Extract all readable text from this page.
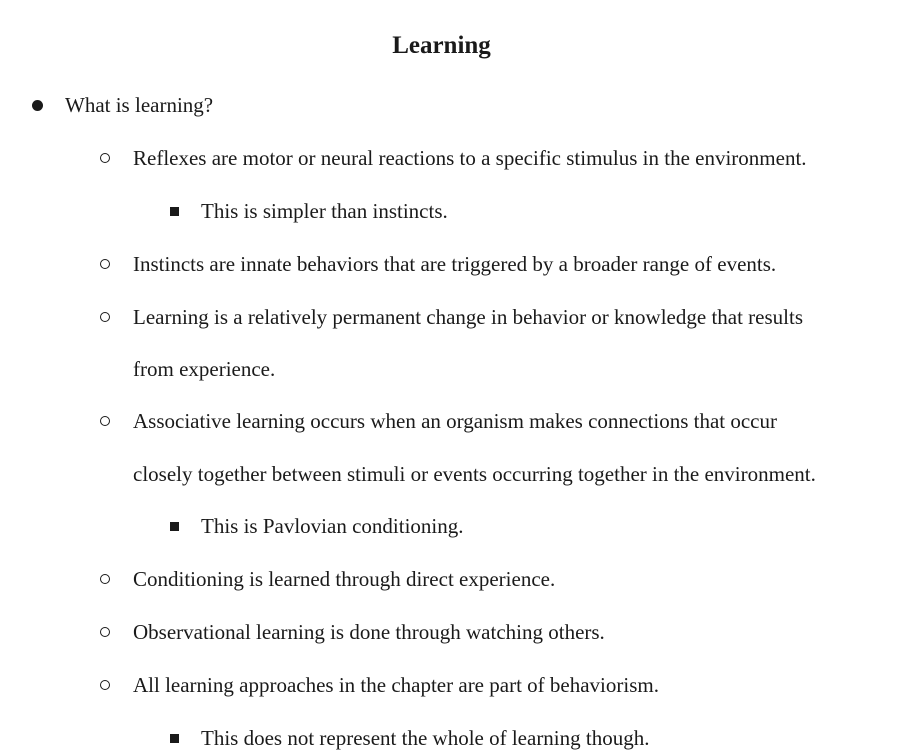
Learning
What is learning?
Reflexes are motor or neural reactions to a specific stimulus in the environment.
This is simpler than instincts.
Instincts are innate behaviors that are triggered by a broader range of events.
Learning is a relatively permanent change in behavior or knowledge that results
from experience.
Associative learning occurs when an organism makes connections that occur
closely together between stimuli or events occurring together in the environment.
This is Pavlovian conditioning.
Conditioning is learned through direct experience.
Observational learning is done through watching others.
All learning approaches in the chapter are part of behaviorism.
This does not represent the whole of learning though.
